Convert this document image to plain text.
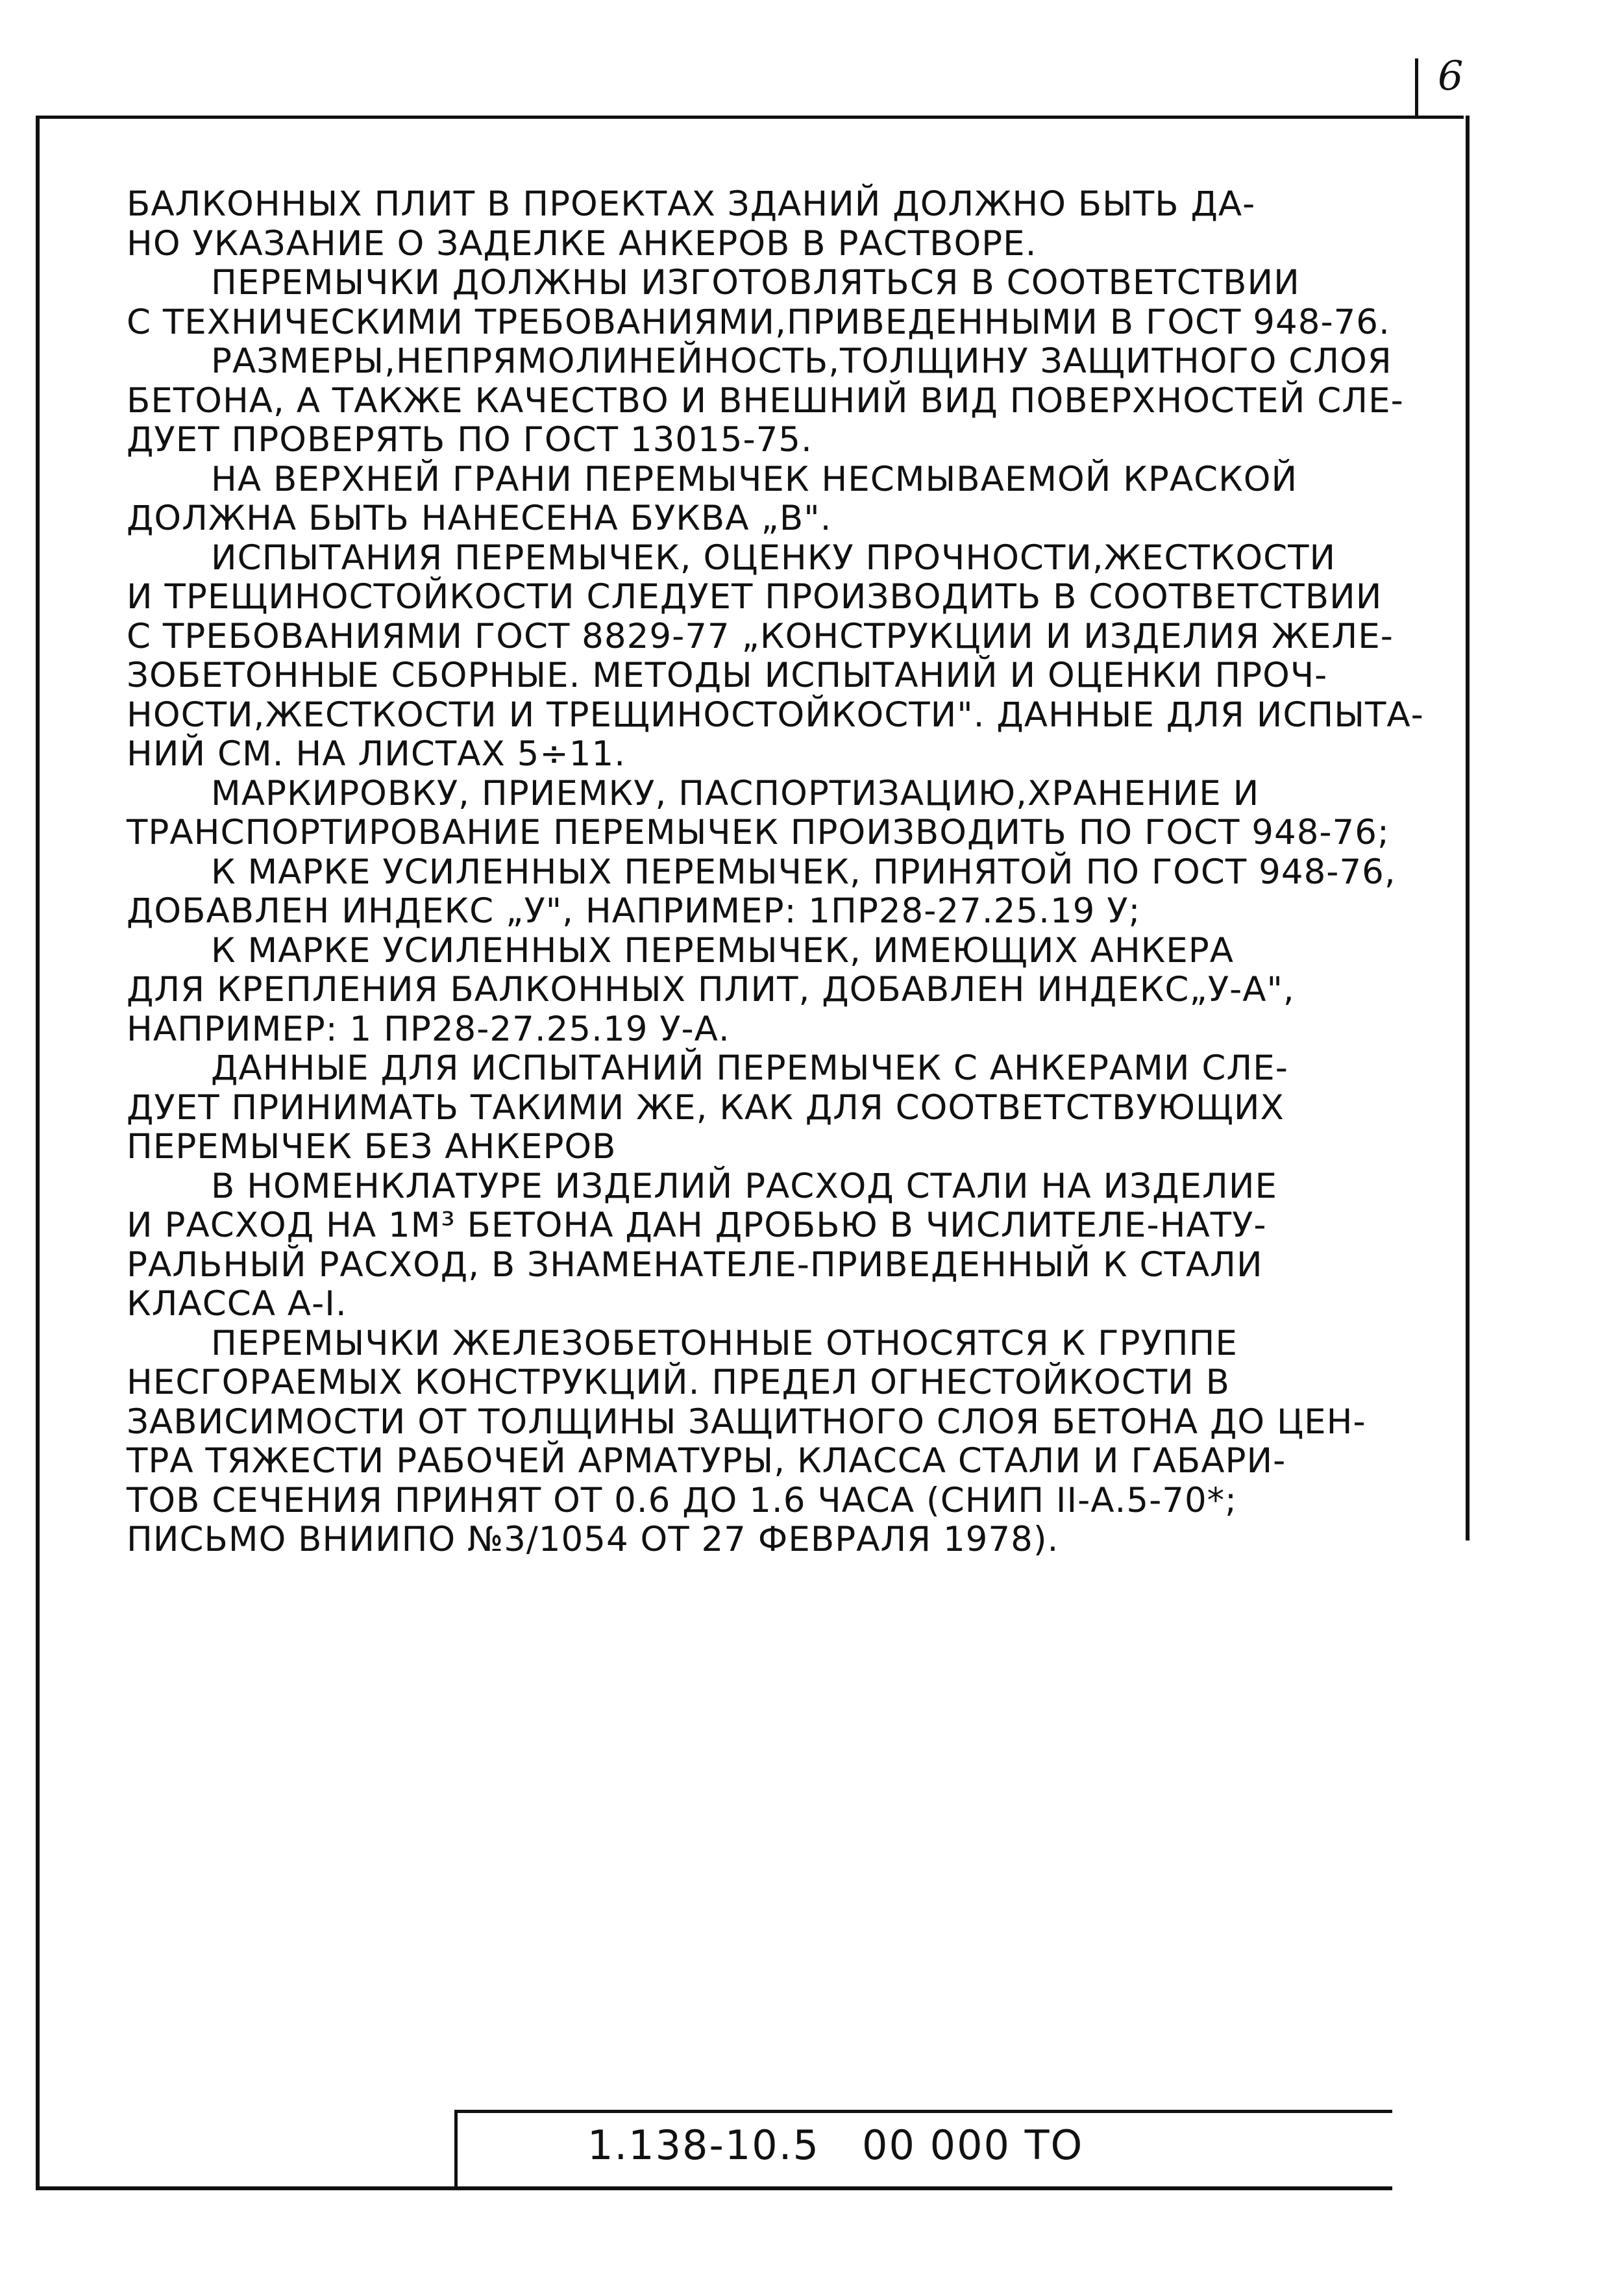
6
БАЛКОННЫХ ПЛИТ В ПРОЕКТАХ ЗДАНИЙ ДОЛЖНО БЫТЬ ДА-
НО УКАЗАНИЕ О ЗАДЕЛКЕ АНКЕРОВ В РАСТВОРЕ.
ПЕРЕМЫЧКИ ДОЛЖНЫ ИЗГОТОВЛЯТЬСЯ В СООТВЕТСТВИИ
С ТЕХНИЧЕСКИМИ ТРЕБОВАНИЯМИ,ПРИВЕДЕННЫМИ В ГОСТ 948-76.
РАЗМЕРЫ,НЕПРЯМОЛИНЕЙНОСТЬ,ТОЛЩИНУ ЗАЩИТНОГО СЛОЯ
БЕТОНА, А ТАКЖЕ КАЧЕСТВО И ВНЕШНИЙ ВИД ПОВЕРХНОСТЕЙ СЛЕ-
ДУЕТ ПРОВЕРЯТЬ ПО ГОСТ 13015-75.
НА ВЕРХНЕЙ ГРАНИ ПЕРЕМЫЧЕК НЕСМЫВАЕМОЙ КРАСКОЙ
ДОЛЖНА БЫТЬ НАНЕСЕНА БУКВА „В".
ИСПЫТАНИЯ ПЕРЕМЫЧЕК, ОЦЕНКУ ПРОЧНОСТИ,ЖЕСТКОСТИ
И ТРЕЩИНОСТОЙКОСТИ СЛЕДУЕТ ПРОИЗВОДИТЬ В СООТВЕТСТВИИ
С ТРЕБОВАНИЯМИ ГОСТ 8829-77 „КОНСТРУКЦИИ И ИЗДЕЛИЯ ЖЕЛЕ-
ЗОБЕТОННЫЕ СБОРНЫЕ. МЕТОДЫ ИСПЫТАНИЙ И ОЦЕНКИ ПРОЧ-
НОСТИ,ЖЕСТКОСТИ И ТРЕЩИНОСТОЙКОСТИ". ДАННЫЕ ДЛЯ ИСПЫТА-
НИЙ СМ. НА ЛИСТАХ 5÷11.
МАРКИРОВКУ, ПРИЕМКУ, ПАСПОРТИЗАЦИЮ,ХРАНЕНИЕ И
ТРАНСПОРТИРОВАНИЕ ПЕРЕМЫЧЕК ПРОИЗВОДИТЬ ПО ГОСТ 948-76;
К МАРКЕ УСИЛЕННЫХ ПЕРЕМЫЧЕК, ПРИНЯТОЙ ПО ГОСТ 948-76,
ДОБАВЛЕН ИНДЕКС „У", НАПРИМЕР: 1ПР28-27.25.19 У;
К МАРКЕ УСИЛЕННЫХ ПЕРЕМЫЧЕК, ИМЕЮЩИХ АНКЕРА
ДЛЯ КРЕПЛЕНИЯ БАЛКОННЫХ ПЛИТ, ДОБАВЛЕН ИНДЕКС„У-А",
НАПРИМЕР: 1 ПР28-27.25.19 У-А.
ДАННЫЕ ДЛЯ ИСПЫТАНИЙ ПЕРЕМЫЧЕК С АНКЕРАМИ СЛЕ-
ДУЕТ ПРИНИМАТЬ ТАКИМИ ЖЕ, КАК ДЛЯ СООТВЕТСТВУЮЩИХ
ПЕРЕМЫЧЕК БЕЗ АНКЕРОВ
В НОМЕНКЛАТУРЕ ИЗДЕЛИЙ РАСХОД СТАЛИ НА ИЗДЕЛИЕ
И РАСХОД НА 1М³ БЕТОНА ДАН ДРОБЬЮ В ЧИСЛИТЕЛЕ-НАТУ-
РАЛЬНЫЙ РАСХОД, В ЗНАМЕНАТЕЛЕ-ПРИВЕДЕННЫЙ К СТАЛИ
КЛАССА А-I.
ПЕРЕМЫЧКИ ЖЕЛЕЗОБЕТОННЫЕ ОТНОСЯТСЯ К ГРУППЕ
НЕСГОРАЕМЫХ КОНСТРУКЦИЙ. ПРЕДЕЛ ОГНЕСТОЙКОСТИ В
ЗАВИСИМОСТИ ОТ ТОЛЩИНЫ ЗАЩИТНОГО СЛОЯ БЕТОНА ДО ЦЕН-
ТРА ТЯЖЕСТИ РАБОЧЕЙ АРМАТУРЫ, КЛАССА СТАЛИ И ГАБАРИ-
ТОВ СЕЧЕНИЯ ПРИНЯТ ОТ 0.6 ДО 1.6 ЧАСА (СНИП II-А.5-70*;
ПИСЬМО ВНИИПО №3/1054 ОТ 27 ФЕВРАЛЯ 1978).
1.138-10.5   00 000 ТО
